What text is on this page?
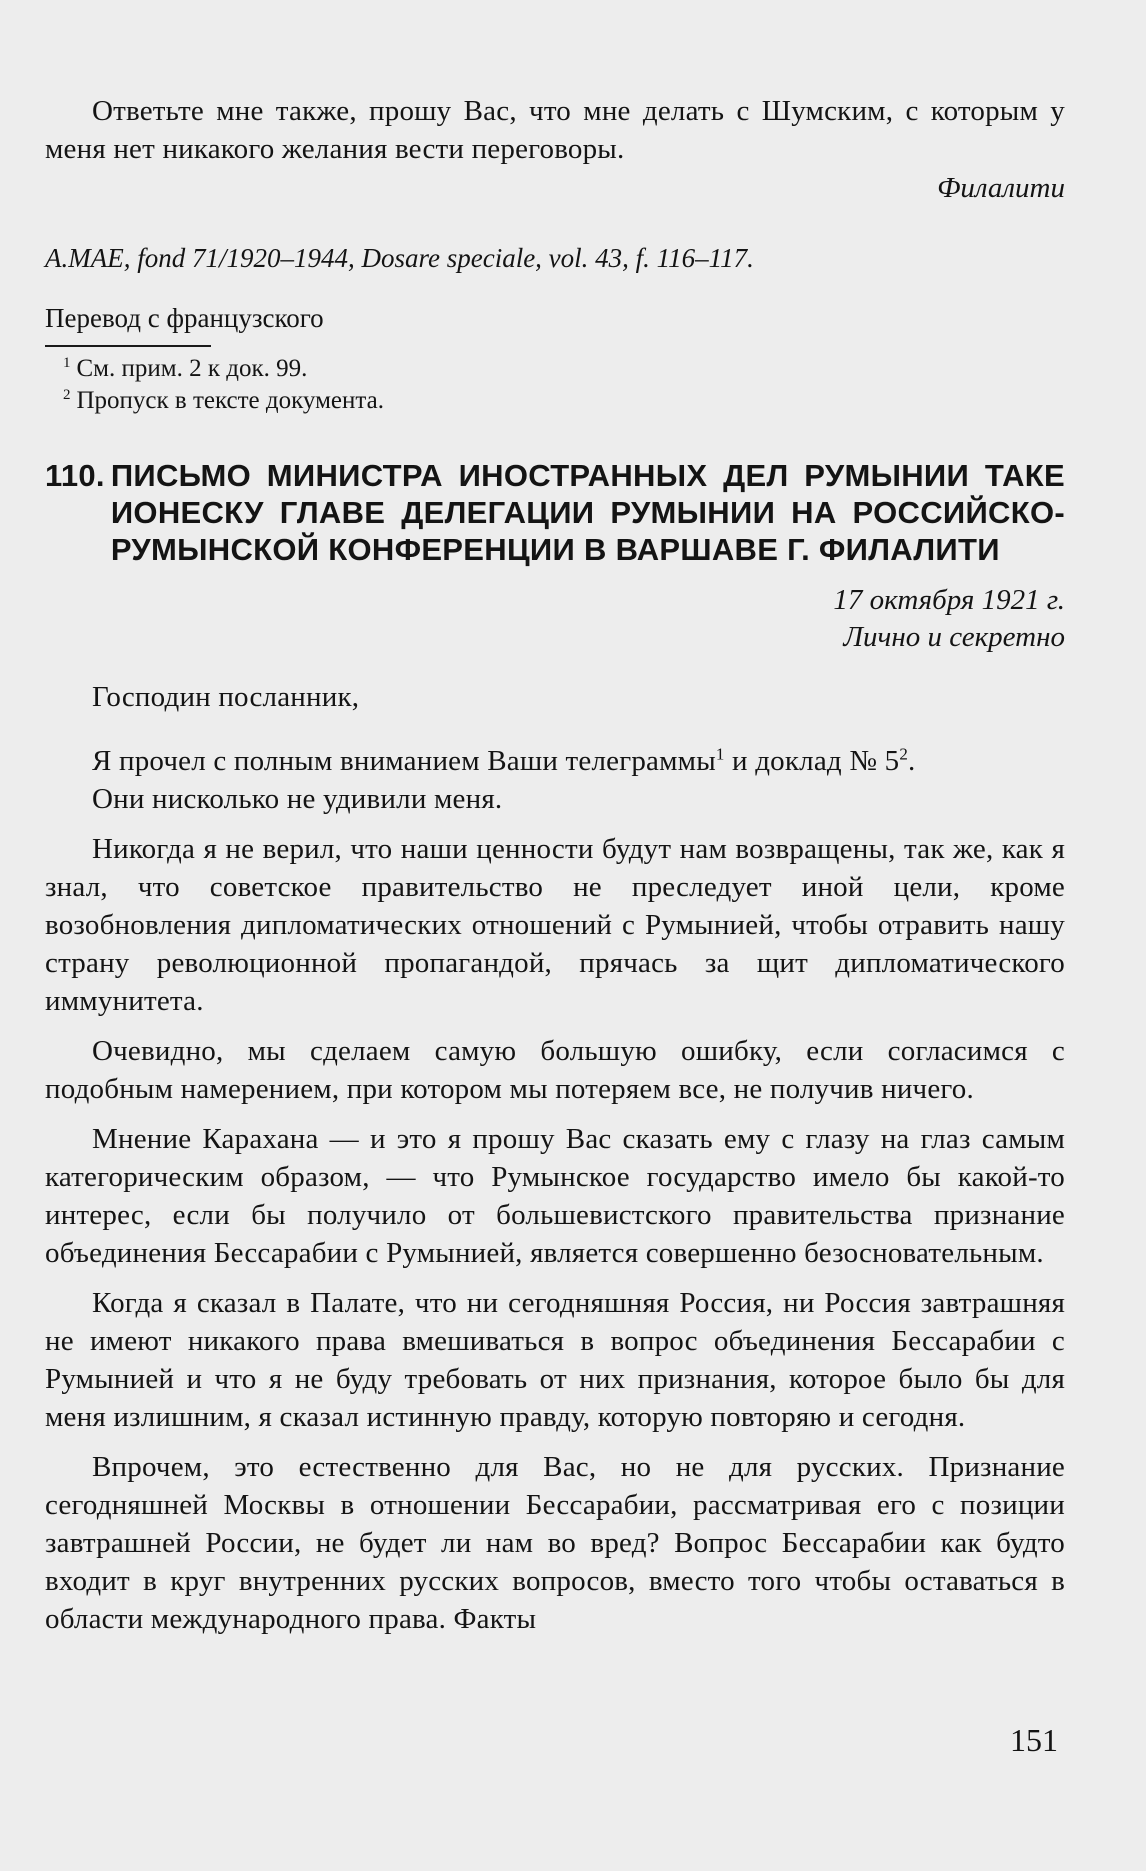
Ответьте мне также, прошу Вас, что мне делать с Шумским, с которым у меня нет никакого желания вести переговоры.

Филалити

A.MAE, fond 71/1920–1944, Dosare speciale, vol. 43, f. 116–117.

Перевод с французского

$^1$ См. прим. 2 к док. 99.

$^2$ Пропуск в тексте документа.

110. ПИСЬМО МИНИСТРА ИНОСТРАННЫХ ДЕЛ РУМЫНИИ ТАКЕ ИОНЕСКУ ГЛАВЕ ДЕЛЕГАЦИИ РУМЫНИИ НА РОССИЙСКО-РУМЫНСКОЙ КОНФЕРЕНЦИИ В ВАРШАВЕ Г. ФИЛАЛИТИ

17 октября 1921 г.

Лично и секретно

Господин посланник,

Я прочел с полным вниманием Ваши телеграммы$^1$ и доклад № 5$^2$.

Они нисколько не удивили меня.

Никогда я не верил, что наши ценности будут нам возвращены, так же, как я знал, что советское правительство не преследует иной цели, кроме возобновления дипломатических отношений с Румынией, чтобы отравить нашу страну революционной пропагандой, прячась за щит дипломатического иммунитета.

Очевидно, мы сделаем самую большую ошибку, если согласимся с подобным намерением, при котором мы потеряем все, не получив ничего.

Мнение Карахана — и это я прошу Вас сказать ему с глазу на глаз самым категорическим образом, — что Румынское государство имело бы какой-то интерес, если бы получило от большевистского правительства признание объединения Бессарабии с Румынией, является совершенно безосновательным.

Когда я сказал в Палате, что ни сегодняшняя Россия, ни Россия завтрашняя не имеют никакого права вмешиваться в вопрос объединения Бессарабии с Румынией и что я не буду требовать от них признания, которое было бы для меня излишним, я сказал истинную правду, которую повторяю и сегодня.

Впрочем, это естественно для Вас, но не для русских. Признание сегодняшней Москвы в отношении Бессарабии, рассматривая его с позиции завтрашней России, не будет ли нам во вред? Вопрос Бессарабии как будто входит в круг внутренних русских вопросов, вместо того чтобы оставаться в области международного права. Факты

151
